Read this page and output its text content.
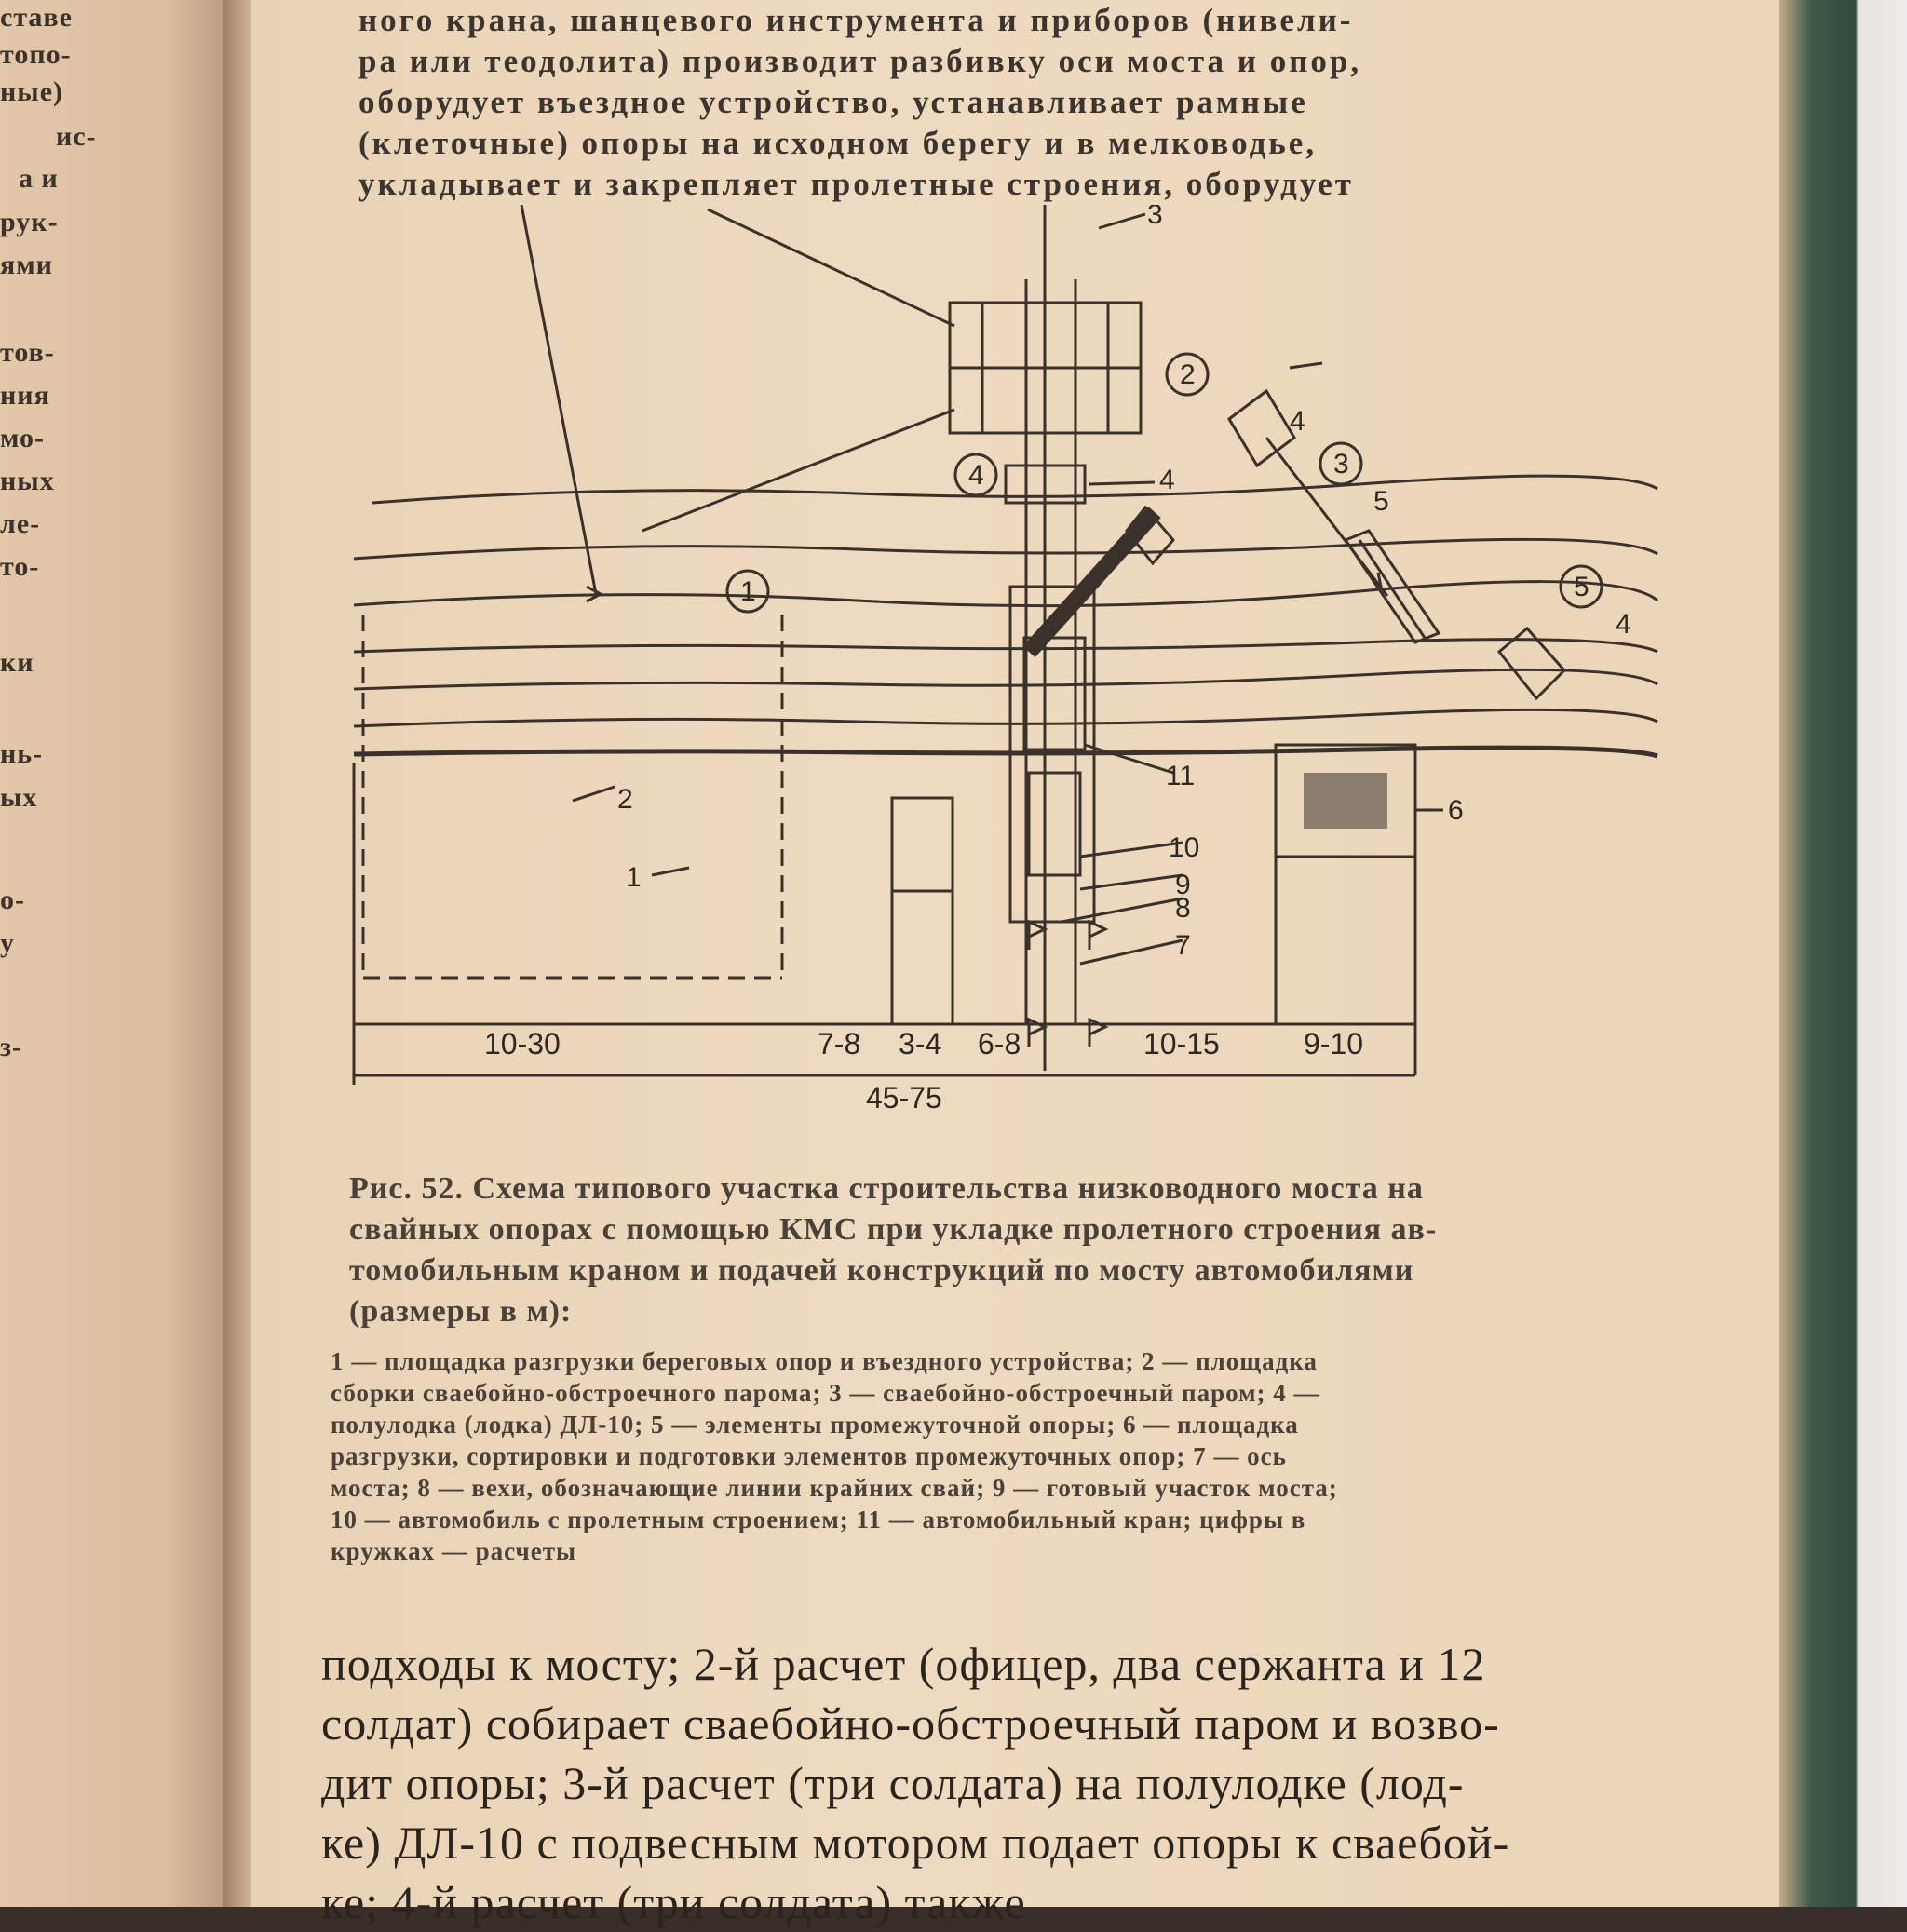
ставе
топо-
ные)
ис-
а и
рук-
ями
тов-
ния
мо-
ных
ле-
то-
ки
нь-
ых
о-
у
з-
ного крана, шанцевого инструмента и приборов (нивели-
ра или теодолита) производит разбивку оси моста и опор,
оборудует въездное устройство, устанавливает рамные
(клеточные) опоры на исходном берегу и в мелководье,
укладывает и закрепляет пролетные строения, оборудует
1
2
3
4
4
4
5
6
7
8
9
10
11
1
2
4	3
5
10-30	7-8 3-4 6-8	10-15	9-10
45-75
Рис. 52. Схема типового участка строительства низководного моста на
свайных опорах с помощью КМС при укладке пролетного строения ав-
томобильным краном и подачей конструкций по мосту автомобилями
(размеры в м):
1 — площадка разгрузки береговых опор и въездного устройства; 2 — площадка
сборки сваебойно-обстроечного парома; 3 — сваебойно-обстроечный паром; 4 —
полулодка (лодка) ДЛ-10; 5 — элементы промежуточной опоры; 6 — площадка
разгрузки, сортировки и подготовки элементов промежуточных опор; 7 — ось
моста; 8 — вехи, обозначающие линии крайних свай; 9 — готовый участок моста;
10 — автомобиль с пролетным строением; 11 — автомобильный кран; цифры в
кружках — расчеты
подходы к мосту; 2-й расчет (офицер, два сержанта и 12
солдат) собирает сваебойно-обстроечный паром и возво-
дит опоры; 3-й расчет (три солдата) на полулодке (лод-
ке) ДЛ-10 с подвесным мотором подает опоры к сваебой-
ке; 4-й расчет (три солдата) также
